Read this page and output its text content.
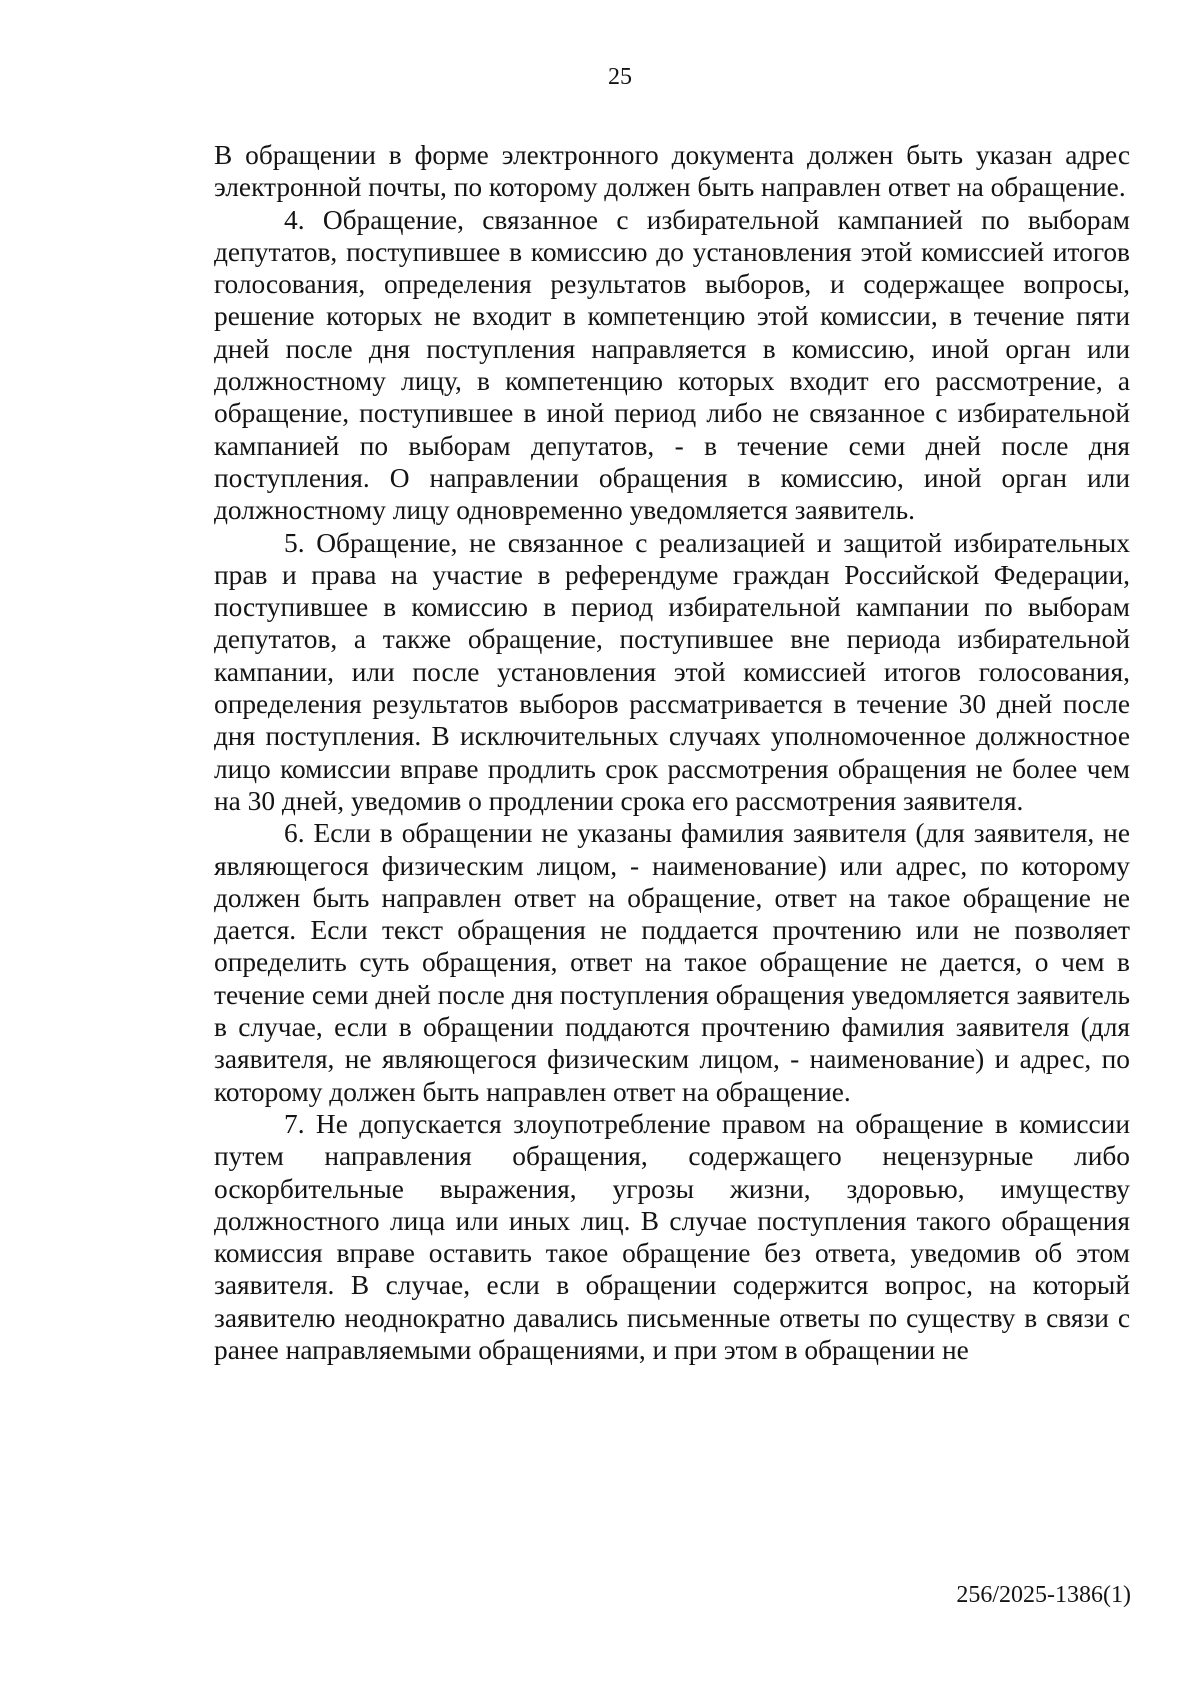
25

В обращении в форме электронного документа должен быть указан адрес электронной почты, по которому должен быть направлен ответ на обращение.

4. Обращение, связанное с избирательной кампанией по выборам депутатов, поступившее в комиссию до установления этой комиссией итогов голосования, определения результатов выборов, и содержащее вопросы, решение которых не входит в компетенцию этой комиссии, в течение пяти дней после дня поступления направляется в комиссию, иной орган или должностному лицу, в компетенцию которых входит его рассмотрение, а обращение, поступившее в иной период либо не связанное с избирательной кампанией по выборам депутатов, - в течение семи дней после дня поступления. О направлении обращения в комиссию, иной орган или должностному лицу одновременно уведомляется заявитель.

5. Обращение, не связанное с реализацией и защитой избирательных прав и права на участие в референдуме граждан Российской Федерации, поступившее в комиссию в период избирательной кампании по выборам депутатов, а также обращение, поступившее вне периода избирательной кампании, или после установления этой комиссией итогов голосования, определения результатов выборов рассматривается в течение 30 дней после дня поступления. В исключительных случаях уполномоченное должностное лицо комиссии вправе продлить срок рассмотрения обращения не более чем на 30 дней, уведомив о продлении срока его рассмотрения заявителя.

6. Если в обращении не указаны фамилия заявителя (для заявителя, не являющегося физическим лицом, - наименование) или адрес, по которому должен быть направлен ответ на обращение, ответ на такое обращение не дается. Если текст обращения не поддается прочтению или не позволяет определить суть обращения, ответ на такое обращение не дается, о чем в течение семи дней после дня поступления обращения уведомляется заявитель в случае, если в обращении поддаются прочтению фамилия заявителя (для заявителя, не являющегося физическим лицом, - наименование) и адрес, по которому должен быть направлен ответ на обращение.

7. Не допускается злоупотребление правом на обращение в комиссии путем направления обращения, содержащего нецензурные либо оскорбительные выражения, угрозы жизни, здоровью, имуществу должностного лица или иных лиц. В случае поступления такого обращения комиссия вправе оставить такое обращение без ответа, уведомив об этом заявителя. В случае, если в обращении содержится вопрос, на который заявителю неоднократно давались письменные ответы по существу в связи с ранее направляемыми обращениями, и при этом в обращении не

256/2025-1386(1)
